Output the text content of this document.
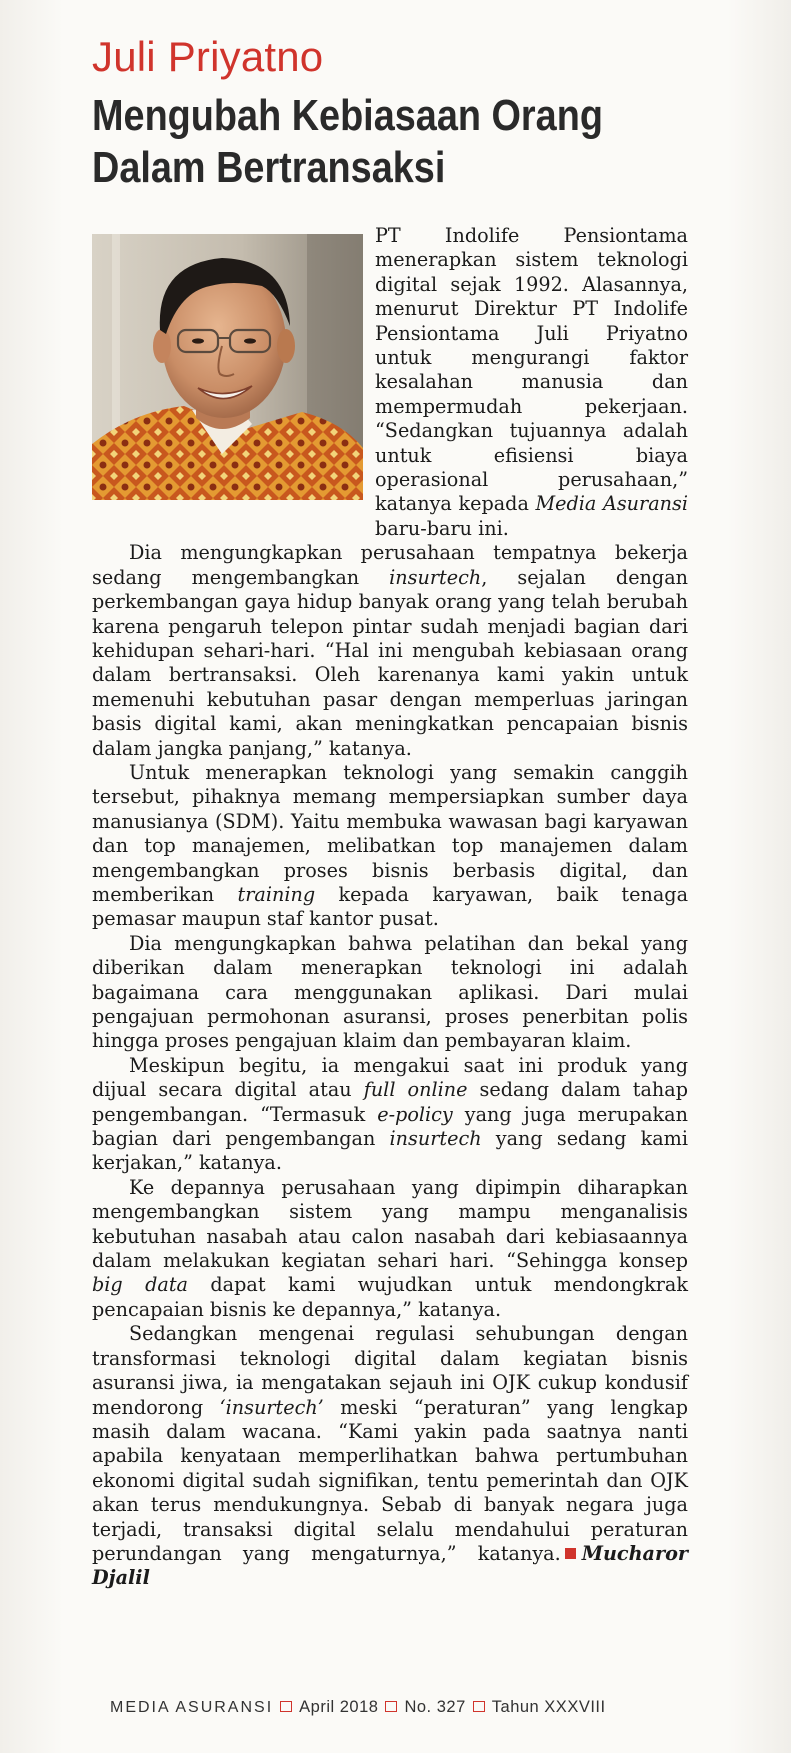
Juli Priyatno
Mengubah Kebiasaan Orang
Dalam Bertransaksi

PT Indolife Pensiontama menerapkan sistem teknologi digital sejak 1992. Alasannya, menurut Direktur PT Indolife Pensiontama Juli Priyatno untuk mengurangi faktor kesalahan manusia dan mempermudah pekerjaan. “Sedangkan tujuannya adalah untuk efisiensi biaya operasional perusahaan,” katanya kepada Media Asuransi baru-baru ini.

Dia mengungkapkan perusahaan tempatnya bekerja sedang mengembangkan insurtech, sejalan dengan perkembangan gaya hidup banyak orang yang telah berubah karena pengaruh telepon pintar sudah menjadi bagian dari kehidupan sehari-hari. “Hal ini mengubah kebiasaan orang dalam bertransaksi. Oleh karenanya kami yakin untuk memenuhi kebutuhan pasar dengan memperluas jaringan basis digital kami, akan meningkatkan pencapaian bisnis dalam jangka panjang,” katanya.

Untuk menerapkan teknologi yang semakin canggih tersebut, pihaknya memang mempersiapkan sumber daya manusianya (SDM). Yaitu membuka wawasan bagi karyawan dan top manajemen, melibatkan top manajemen dalam mengembangkan proses bisnis berbasis digital, dan memberikan training kepada karyawan, baik tenaga pemasar maupun staf kantor pusat.

Dia mengungkapkan bahwa pelatihan dan bekal yang diberikan dalam menerapkan teknologi ini adalah bagaimana cara menggunakan aplikasi. Dari mulai pengajuan permohonan asuransi, proses penerbitan polis hingga proses pengajuan klaim dan pembayaran klaim.

Meskipun begitu, ia mengakui saat ini produk yang dijual secara digital atau full online sedang dalam tahap pengembangan. “Termasuk e-policy yang juga merupakan bagian dari pengembangan insurtech yang sedang kami kerjakan,” katanya.

Ke depannya perusahaan yang dipimpin diharapkan mengembangkan sistem yang mampu menganalisis kebutuhan nasabah atau calon nasabah dari kebiasaannya dalam melakukan kegiatan sehari hari. “Sehingga konsep big data dapat kami wujudkan untuk mendongkrak pencapaian bisnis ke depannya,” katanya.

Sedangkan mengenai regulasi sehubungan dengan transformasi teknologi digital dalam kegiatan bisnis asuransi jiwa, ia mengatakan sejauh ini OJK cukup kondusif mendorong ‘insurtech’ meski “peraturan” yang lengkap masih dalam wacana. “Kami yakin pada saatnya nanti apabila kenyataan memperlihatkan bahwa pertumbuhan ekonomi digital sudah signifikan, tentu pemerintah dan OJK akan terus mendukungnya. Sebab di banyak negara juga terjadi, transaksi digital selalu mendahului peraturan perundangan yang mengaturnya,” katanya. Mucharor Djalil

MEDIA ASURANSI April 2018 No. 327 Tahun XXXVIII
